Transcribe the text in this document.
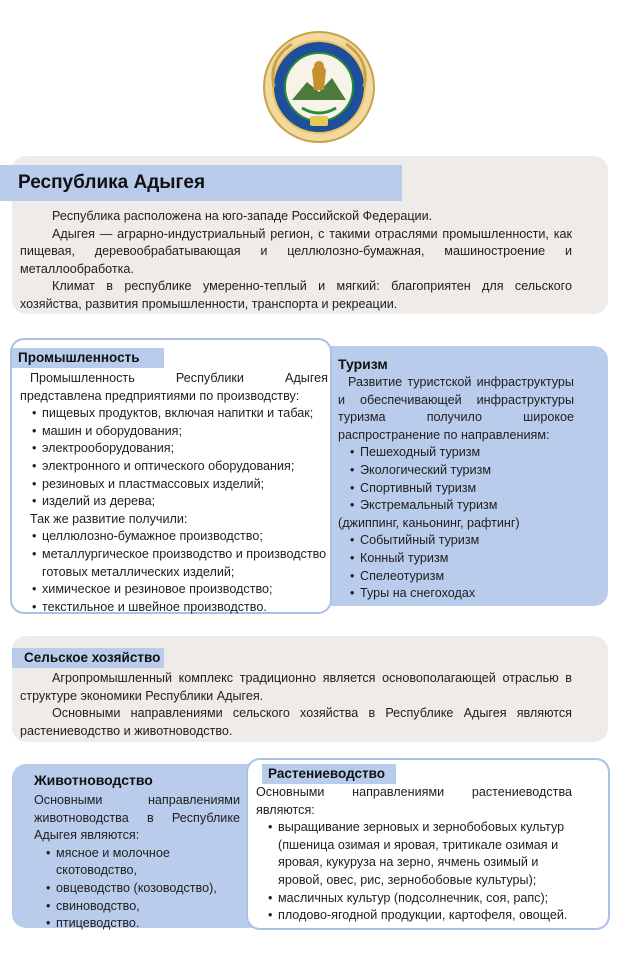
Республика Адыгея

Республика расположена на юго-западе Российской Федерации.

Адыгея — аграрно-индустриальный регион, с такими отраслями промышленности, как пищевая, деревообрабатывающая и целлюлозно-бумажная, машиностроение и металлообработка.

Климат в республике умеренно-теплый и мягкий: благоприятен для сельского хозяйства, развития промышленности, транспорта и рекреации.

Туризм

Развитие туристской инфраструктуры и обеспечивающей инфраструктуры туризма получило широкое распространение по направлениям:

• Пешеходный туризм
• Экологический туризм
• Спортивный туризм
• Экстремальный туризм

(джиппинг, каньонинг, рафтинг)

• Событийный туризм
• Конный туризм
• Спелеотуризм
• Туры на снегоходах
Промышленность

Промышленность Республики Адыгея представлена предприятиями по производству:

• пищевых продуктов, включая напитки и табак;
• машин и оборудования;
• электрооборудования;
• электронного и оптического оборудования;
• резиновых и пластмассовых изделий;
• изделий из дерева;

Так же развитие получили:

• целлюлозно-бумажное производство;
• металлургическое производство и производство готовых металлических изделий;
• химическое и резиновое производство;
• текстильное и швейное производство.
Сельское хозяйство

Агропромышленный комплекс традиционно является основополагающей отраслью в структуре экономики Республики Адыгея.

Основными направлениями сельского хозяйства в Республике Адыгея являются растениеводство и животноводство.

Животноводство

Основными направлениями животноводства в Республике Адыгея являются:

• мясное и молочное скотоводство,
• овцеводство (козоводство),
• свиноводство,
• птицеводство.
Растениеводство

Основными направлениями растениеводства являются:

• выращивание зерновых и зернобобовых культур (пшеница озимая и яровая, тритикале озимая и яровая, кукуруза на зерно, ячмень озимый и яровой, овес, рис, зернобобовые культуры);
• масличных культур (подсолнечник, соя, рапс);
• плодово-ягодной продукции, картофеля, овощей.
